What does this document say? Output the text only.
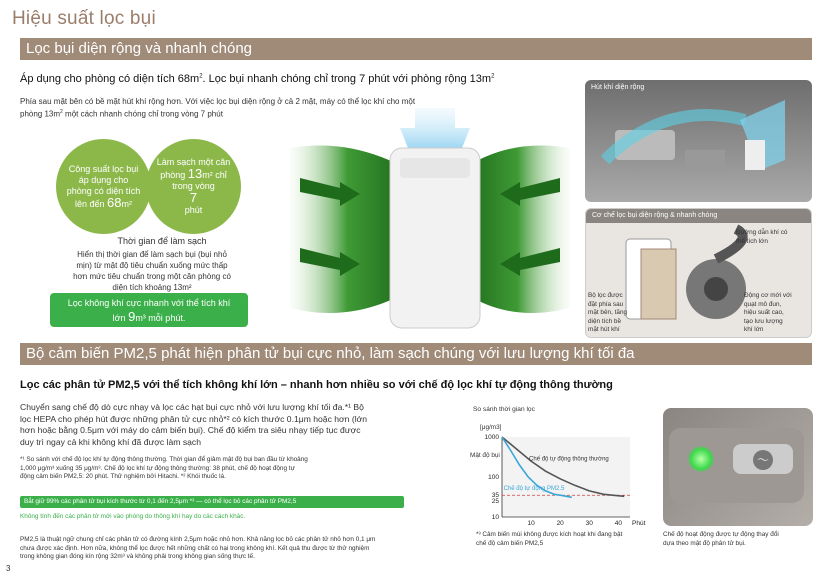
Hiệu suất lọc bụi
Lọc bụi diện rộng và nhanh chóng
Áp dụng cho phòng có diện tích $68m^2$. Lọc bụi nhanh chóng chỉ trong 7 phút với phòng rộng $13m^2$
Phía sau mặt bên có bề mặt hút khí rộng hơn. Với việc lọc bụi diện rộng ở cả 2 mặt, máy có thể lọc khí cho một
phòng $13m^2$ một cách nhanh chóng chỉ trong vòng 7 phút
Công suất lọc bụi
áp dụng cho
phòng có diện tích
lên đến 68m²
Làm sạch một căn
phòng 13m² chỉ
trong vòng
7
phút
Thời gian để làm sạch
Hiển thị thời gian để làm sạch bụi (bụi nhỏ
mịn) từ mật độ tiêu chuẩn xuống mức thấp
hơn mức tiêu chuẩn trong một căn phòng có
diện tích khoảng 13m²
Lọc không khí cực nhanh với thể tích khí
lớn 9m³ mỗi phút.
Hút khí diện rộng
Cơ chế lọc bụi diện rộng & nhanh chóng
Đường dẫn khí có
thể tích lớn
Bộ lọc được
đặt phía sau
mặt bên, tăng
diện tích bề
mặt hút khí
Động cơ mới với
quạt mô đun,
hiệu suất cao,
tạo lưu lượng
khí lớn
Bộ cảm biến PM2,5 phát hiện phân tử bụi cực nhỏ, làm sạch chúng với lưu lượng khí tối đa
Lọc các phân tử PM2,5 với thể tích không khí lớn – nhanh hơn nhiều so với chế độ lọc khí tự động thông thường
Chuyển sang chế độ dò cực nhạy và lọc các hạt bụi cực nhỏ với lưu lượng khí tối đa.*¹ Bộ
lọc HEPA cho phép hút được những phân tử cực nhỏ*² có kích thước 0.1μm hoặc hơn (lớn
hơn hoặc bằng 0.5μm với máy do cảm biến bụi). Chế độ kiểm tra siêu nhạy tiếp tục được
duy trì ngay cả khi không khí đã được làm sạch
*¹ So sánh với chế độ lọc khí tự động thông thường. Thời gian để giảm mật độ bụi ban đầu từ khoảng
1,000 μg/m³ xuống 35 μg/m³. Chế độ lọc khí tự động thông thường: 38 phút, chế độ hoạt động tự
động cảm biến PM2,5: 20 phút. Thử nghiệm bởi Hitachi. *² Khói thuốc lá.
Bắt giữ 99% các phân tử bụi kích thước từ 0,1 đến 2,5μm *³ — có thể lọc bỏ các phân tử PM2,5
Không tính đến các phân tử mới vào phòng do thông khí hay do các cách khác.
PM2,5 là thuật ngữ chung chỉ các phân tử có đường kính 2,5μm hoặc nhỏ hơn. Khả năng lọc bỏ các phân tử nhỏ hơn 0,1 μm
chưa được xác định. Hơn nữa, không thể lọc được hết những chất có hại trong không khí. Kết quả thu được từ thử nghiệm
trong không gian đóng kín rộng 32m³ và không phải trong không gian sống thực tế.
So sánh thời gian lọc
[μg/m3]
Mật độ bụi
1000
100
35
25
10
10	20	30	40 Phút
Chế độ tự động thông thường
Chế độ tự động PM2.5
*³ Cảm biến mùi không được kích hoạt khi đang bật
chế độ cảm biến PM2,5
〜
Chế độ hoạt động được tự động thay đổi
dựa theo mật độ phân tử bụi.
3
